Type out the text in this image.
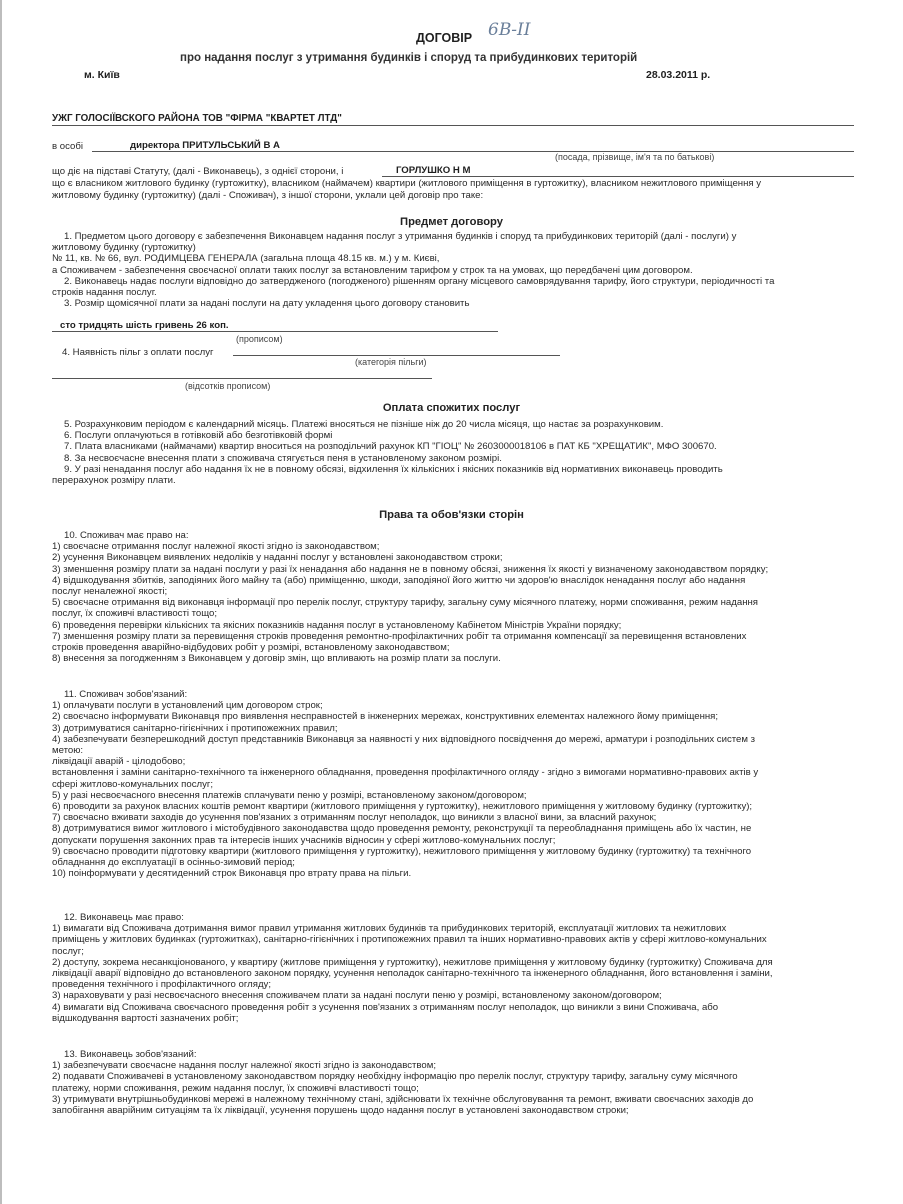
ДОГОВІР 6В-ІІ
про надання послуг з утримання будинків і споруд та прибудинкових територій
м. Київ	28.03.2011 р.
УЖГ ГОЛОСІЇВСКОГО РАЙОНА ТОВ "ФІРМА "КВАРТЕТ ЛТД"
в особі	директора ПРИТУЛЬСЬКИЙ В А
(посада, прізвище, ім'я та по батькові)
що діє на підставі Статуту, (далі - Виконавець), з однієї сторони, і	ГОРЛУШКО Н М
що є власником житлового будинку (гуртожитку), власником (наймачем) квартири (житлового приміщення в гуртожитку), власником нежитлового приміщення у
житловому будинку (гуртожитку) (далі - Споживач), з іншої сторони, уклали цей договір про таке:
Предмет договору
1. Предметом цього договору є забезпечення Виконавцем надання послуг з утримання будинків і споруд та прибудинкових територій (далі - послуги) у
житловому будинку (гуртожитку)
№ 11, кв. № 66, вул. РОДИМЦЕВА ГЕНЕРАЛА (загальна площа 48.15 кв. м.) у м. Києві,
а Споживачем - забезпечення своєчасної оплати таких послуг за встановленим тарифом у строк та на умовах, що передбачені цим договором.
2. Виконавець надає послуги відповідно до затвердженого (погодженого) рішенням органу місцевого самоврядування тарифу, його структури, періодичності та
строків надання послуг.
3. Розмір щомісячної плати за надані послуги на дату укладення цього договору становить
сто тридцять шість гривень 26 коп.
(прописом)
4. Наявність пільг з оплати послуг
(категорія пільги)
(відсотків прописом)
Оплата спожитих послуг
5. Розрахунковим періодом є календарний місяць. Платежі вносяться не пізніше ніж до 20 числа місяця, що настає за розрахунковим.
6. Послуги оплачуються в готівковій або безготівковій формі
7. Плата власниками (наймачами) квартир вноситься на розподільчий рахунок КП "ГІОЦ" № 2603000018106 в ПАТ КБ "ХРЕЩАТИК", МФО 300670.
8. За несвоєчасне внесення плати з споживача стягується пеня в установленому законом розмірі.
9. У разі ненадання послуг або надання їх не в повному обсязі, відхилення їх кількісних і якісних показників від нормативних виконавець проводить
перерахунок розміру плати.
Права та обов'язки сторін
10. Споживач має право на:
1) своєчасне отримання послуг належної якості згідно із законодавством;
2) усунення Виконавцем виявлених недоліків у наданні послуг у встановлені законодавством строки;
3) зменшення розміру плати за надані послуги у разі їх ненадання або надання не в повному обсязі, зниження їх якості у визначеному законодавством порядку;
4) відшкодування збитків, заподіяних його майну та (або) приміщенню, шкоди, заподіяної його життю чи здоров'ю внаслідок ненадання послуг або надання
послуг неналежної якості;
5) своєчасне отримання від виконавця інформації про перелік послуг, структуру тарифу, загальну суму місячного платежу, норми споживання, режим надання
послуг, їх споживчі властивості тощо;
6) проведення перевірки кількісних та якісних показників надання послуг в установленому Кабінетом Міністрів України порядку;
7) зменшення розміру плати за перевищення строків проведення ремонтно-профілактичних робіт та отримання компенсації за перевищення встановлених
строків проведення аварійно-відбудових робіт у розмірі, встановленому законодавством;
8) внесення за погодженням з Виконавцем у договір змін, що впливають на розмір плати за послуги.
11. Споживач зобов'язаний:
1) оплачувати послуги в установлений цим договором строк;
2) своєчасно інформувати Виконавця про виявлення несправностей в інженерних мережах, конструктивних елементах належного йому приміщення;
3) дотримуватися санітарно-гігієнічних і протипожежних правил;
4) забезпечувати безперешкодний доступ представників Виконавця за наявності у них відповідного посвідчення до мережі, арматури і розподільних систем з
метою:
ліквідації аварій - цілодобово;
встановлення і заміни санітарно-технічного та інженерного обладнання, проведення профілактичного огляду - згідно з вимогами нормативно-правових актів у
сфері житлово-комунальних послуг;
5) у разі несвоєчасного внесення платежів сплачувати пеню у розмірі, встановленому законом/договором;
6) проводити за рахунок власних коштів ремонт квартири (житлового приміщення у гуртожитку), нежитлового приміщення у житловому будинку (гуртожитку);
7) своєчасно вживати заходів до усунення пов'язаних з отриманням послуг неполадок, що виникли з власної вини, за власний рахунок;
8) дотримуватися вимог житлового і містобудівного законодавства щодо проведення ремонту, реконструкції та переобладнання приміщень або їх частин, не
допускати порушення законних прав та інтересів інших учасників відносин у сфері житлово-комунальних послуг;
9) своєчасно проводити підготовку квартири (житлового приміщення у гуртожитку), нежитлового приміщення у житловому будинку (гуртожитку) та технічного
обладнання до експлуатації в осінньо-зимовий період;
10) поінформувати у десятиденний строк Виконавця про втрату права на пільги.
12. Виконавець має право:
1) вимагати від Споживача дотримання вимог правил утримання житлових будинків та прибудинкових територій, експлуатації житлових та нежитлових
приміщень у житлових будинках (гуртожитках), санітарно-гігієнічних і протипожежних правил та інших нормативно-правових актів у сфері житлово-комунальних
послуг;
2) доступу, зокрема несанкціонованого, у квартиру (житлове приміщення у гуртожитку), нежитлове приміщення у житловому будинку (гуртожитку) Споживача для
ліквідації аварії відповідно до встановленого законом порядку, усунення неполадок санітарно-технічного та інженерного обладнання, його встановлення і заміни,
проведення технічного і профілактичного огляду;
3) нараховувати у разі несвоєчасного внесення споживачем плати за надані послуги пеню у розмірі, встановленому законом/договором;
4) вимагати від Споживача своєчасного проведення робіт з усунення пов'язаних з отриманням послуг неполадок, що виникли з вини Споживача, або
відшкодування вартості зазначених робіт;
13. Виконавець зобов'язаний:
1) забезпечувати своєчасне надання послуг належної якості згідно із законодавством;
2) подавати Споживачеві в установленому законодавством порядку необхідну інформацію про перелік послуг, структуру тарифу, загальну суму місячного
платежу, норми споживання, режим надання послуг, їх споживчі властивості тощо;
3) утримувати внутрішньобудинкові мережі в належному технічному стані, здійснювати їх технічне обслуговування та ремонт, вживати своєчасних заходів до
запобігання аварійним ситуаціям та їх ліквідації, усунення порушень щодо надання послуг в установлені законодавством строки;
